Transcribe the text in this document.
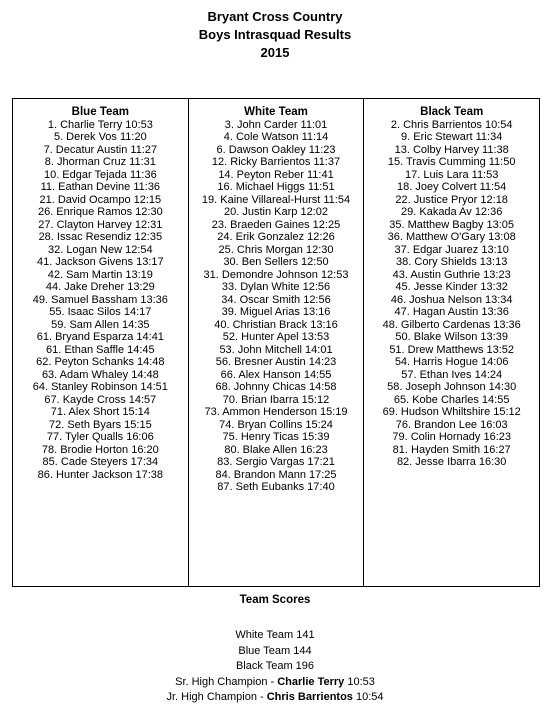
Bryant Cross Country
Boys Intrasquad Results
2015
Blue Team
1. Charlie Terry 10:53
5. Derek Vos 11:20
7. Decatur Austin 11:27
8. Jhorman Cruz 11:31
10. Edgar Tejada 11:36
11. Eathan Devine 11:36
21. David Ocampo 12:15
26. Enrique Ramos 12:30
27. Clayton Harvey 12:31
28. Issac Resendiz 12:35
32. Logan New 12:54
41. Jackson Givens 13:17
42. Sam Martin 13:19
44. Jake Dreher 13:29
49. Samuel Bassham 13:36
55. Isaac Silos 14:17
59. Sam Allen 14:35
61. Bryand Esparza 14:41
61. Ethan Saffle 14:45
62. Peyton Schanks 14:48
63. Adam Whaley 14:48
64. Stanley Robinson 14:51
67. Kayde Cross 14:57
71. Alex Short 15:14
72. Seth Byars 15:15
77. Tyler Qualls 16:06
78. Brodie Horton 16:20
85. Cade Steyers 17:34
86. Hunter Jackson 17:38
White Team
3. John Carder 11:01
4. Cole Watson 11:14
6. Dawson Oakley 11:23
12. Ricky Barrientos 11:37
14. Peyton Reber 11:41
16. Michael Higgs 11:51
19. Kaine Villareal-Hurst 11:54
20. Justin Karp 12:02
23. Braeden Gaines 12:25
24. Erik Gonzalez 12:26
25. Chris Morgan 12:30
30. Ben Sellers 12:50
31. Demondre Johnson 12:53
33. Dylan White 12:56
34. Oscar Smith 12:56
39. Miguel Arias 13:16
40. Christian Brack 13:16
52. Hunter Apel 13:53
53. John Mitchell 14:01
56. Bresner Austin 14:23
66. Alex Hanson 14:55
68. Johnny Chicas 14:58
70. Brian Ibarra 15:12
73. Ammon Henderson 15:19
74. Bryan Collins 15:24
75. Henry Ticas 15:39
80. Blake Allen 16:23
83. Sergio Vargas 17:21
84. Brandon Mann 17:25
87. Seth Eubanks 17:40
Black Team
2. Chris Barrientos 10:54
9. Eric Stewart 11:34
13. Colby Harvey 11:38
15. Travis Cumming 11:50
17. Luis Lara 11:53
18. Joey Colvert 11:54
22. Justice Pryor 12:18
29. Kakada Av 12:36
35. Matthew Bagby 13:05
36. Matthew O'Gary 13:08
37. Edgar Juarez 13:10
38. Cory Shields 13:13
43. Austin Guthrie 13:23
45. Jesse Kinder 13:32
46. Joshua Nelson 13:34
47. Hagan Austin 13:36
48. Gilberto Cardenas 13:36
50. Blake Wilson 13:39
51. Drew Matthews 13:52
54. Harris Hogue 14:06
57. Ethan Ives 14:24
58. Joseph Johnson 14:30
65. Kobe Charles 14:55
69. Hudson Whiltshire 15:12
76. Brandon Lee 16:03
79. Colin Hornady 16:23
81. Hayden Smith 16:27
82. Jesse Ibarra 16:30
Team Scores
White Team 141
Blue Team 144
Black Team 196
Sr. High Champion - Charlie Terry 10:53
Jr. High Champion - Chris Barrientos 10:54
